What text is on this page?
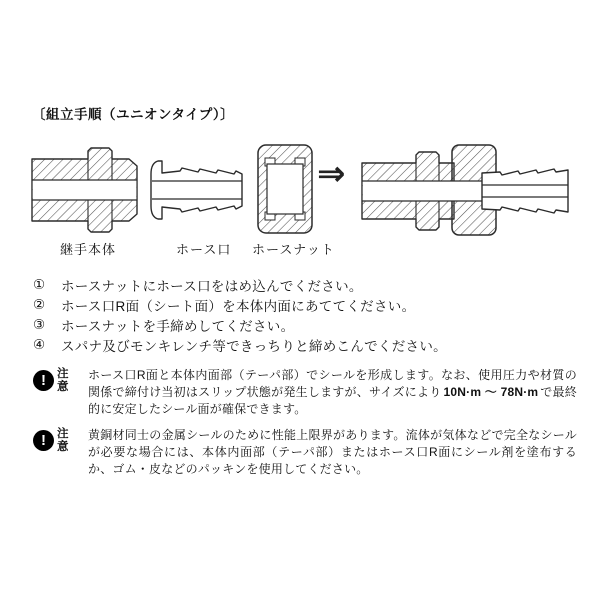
〔組立手順（ユニオンタイプ）〕
⇒
継手本体	ホース口 ホースナット
①	ホースナットにホース口をはめ込んでください。
②	ホース口R面（シート面）を本体内面にあててください。
③	ホースナットを手締めしてください。
④	スパナ及びモンキレンチ等できっちりと締めこんでください。
! 注
意

ホース口R面と本体内面部（テーパ部）でシールを形成します。なお、使用圧力や材質の関係で締付け当初はスリップ状態が発生しますが、サイズにより 10N·m ～ 78N·m で最終的に安定したシール面が確保できます。

! 注
意

黄銅材同士の金属シールのために性能上限界があります。流体が気体などで完全なシールが必要な場合には、本体内面部（テーパ部）またはホース口R面にシール剤を塗布するか、ゴム・皮などのパッキンを使用してください。
